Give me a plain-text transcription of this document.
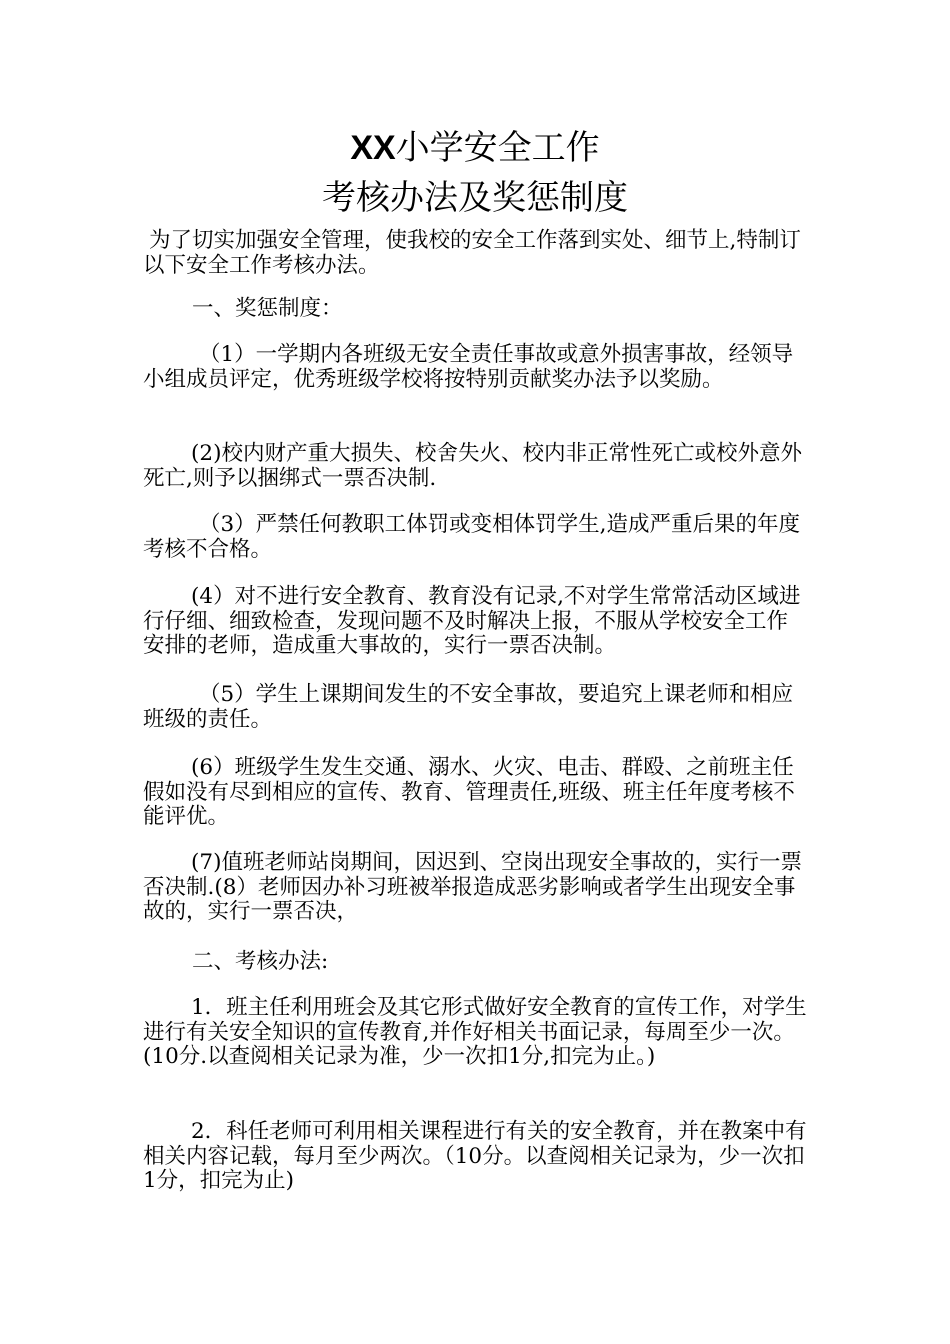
XX小学安全工作
考核办法及奖惩制度
为了切实加强安全管理，使我校的安全工作落到实处、细节上,特制订以下安全工作考核办法。
一、奖惩制度：
（1）一学期内各班级无安全责任事故或意外损害事故，经领导小组成员评定，优秀班级学校将按特别贡献奖办法予以奖励。
(2)校内财产重大损失、校舍失火、校内非正常性死亡或校外意外死亡,则予以捆绑式一票否决制.
（3）严禁任何教职工体罚或变相体罚学生,造成严重后果的年度考核不合格。
(4）对不进行安全教育、教育没有记录,不对学生常常活动区域进行仔细、细致检查，发现问题不及时解决上报，不服从学校安全工作安排的老师，造成重大事故的，实行一票否决制。
（5）学生上课期间发生的不安全事故，要追究上课老师和相应班级的责任。
(6）班级学生发生交通、溺水、火灾、电击、群殴、之前班主任假如没有尽到相应的宣传、教育、管理责任,班级、班主任年度考核不能评优。
(7)值班老师站岗期间，因迟到、空岗出现安全事故的，实行一票否决制.(8）老师因办补习班被举报造成恶劣影响或者学生出现安全事故的，实行一票否决，
二、考核办法:
1．班主任利用班会及其它形式做好安全教育的宣传工作，对学生进行有关安全知识的宣传教育,并作好相关书面记录，每周至少一次。(10分.以查阅相关记录为准，少一次扣1分,扣完为止。)
2．科任老师可利用相关课程进行有关的安全教育，并在教案中有相关内容记载，每月至少两次。（10分。以查阅相关记录为，少一次扣1分，扣完为止)
